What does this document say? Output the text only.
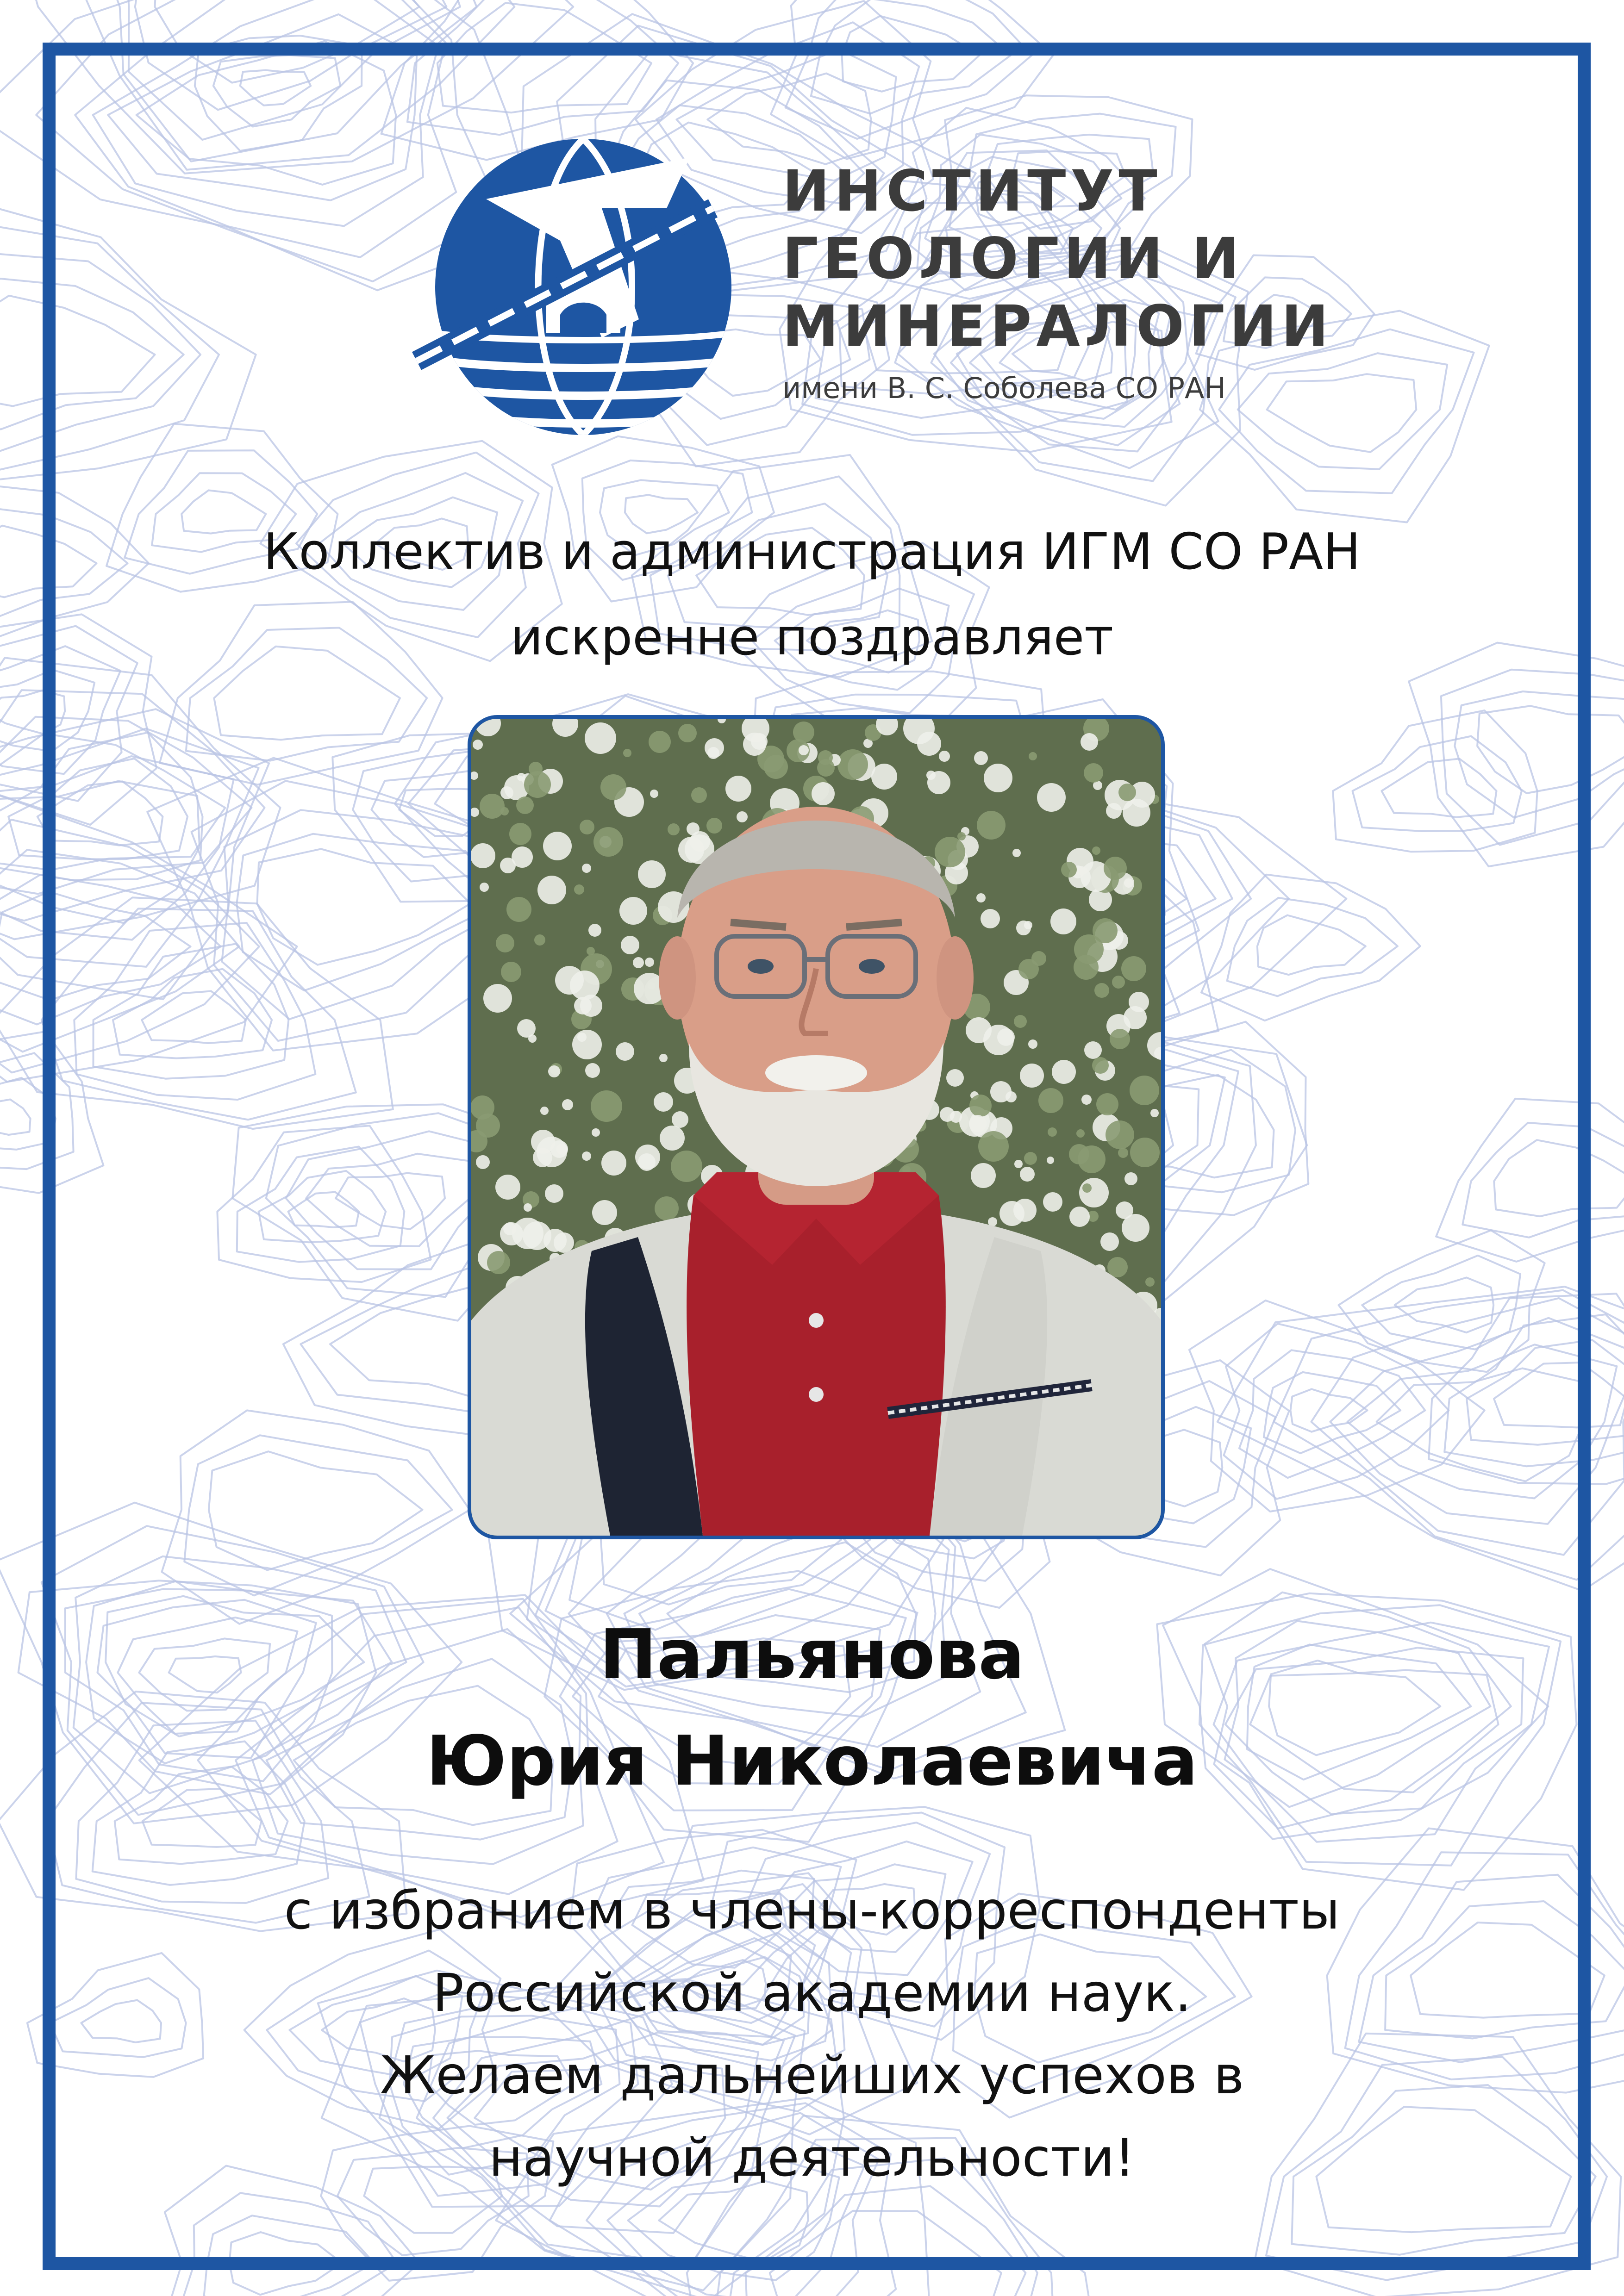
ИНСТИТУТ
ГЕОЛОГИИ И
МИНЕРАЛОГИИ
имени В. С. Соболева СО РАН
Коллектив и администрация ИГМ СО РАН
искренне поздравляет
Пальянова
Юрия Николаевича
с избранием в члены-корреспонденты
Российской академии наук.
Желаем дальнейших успехов в
научной деятельности!
